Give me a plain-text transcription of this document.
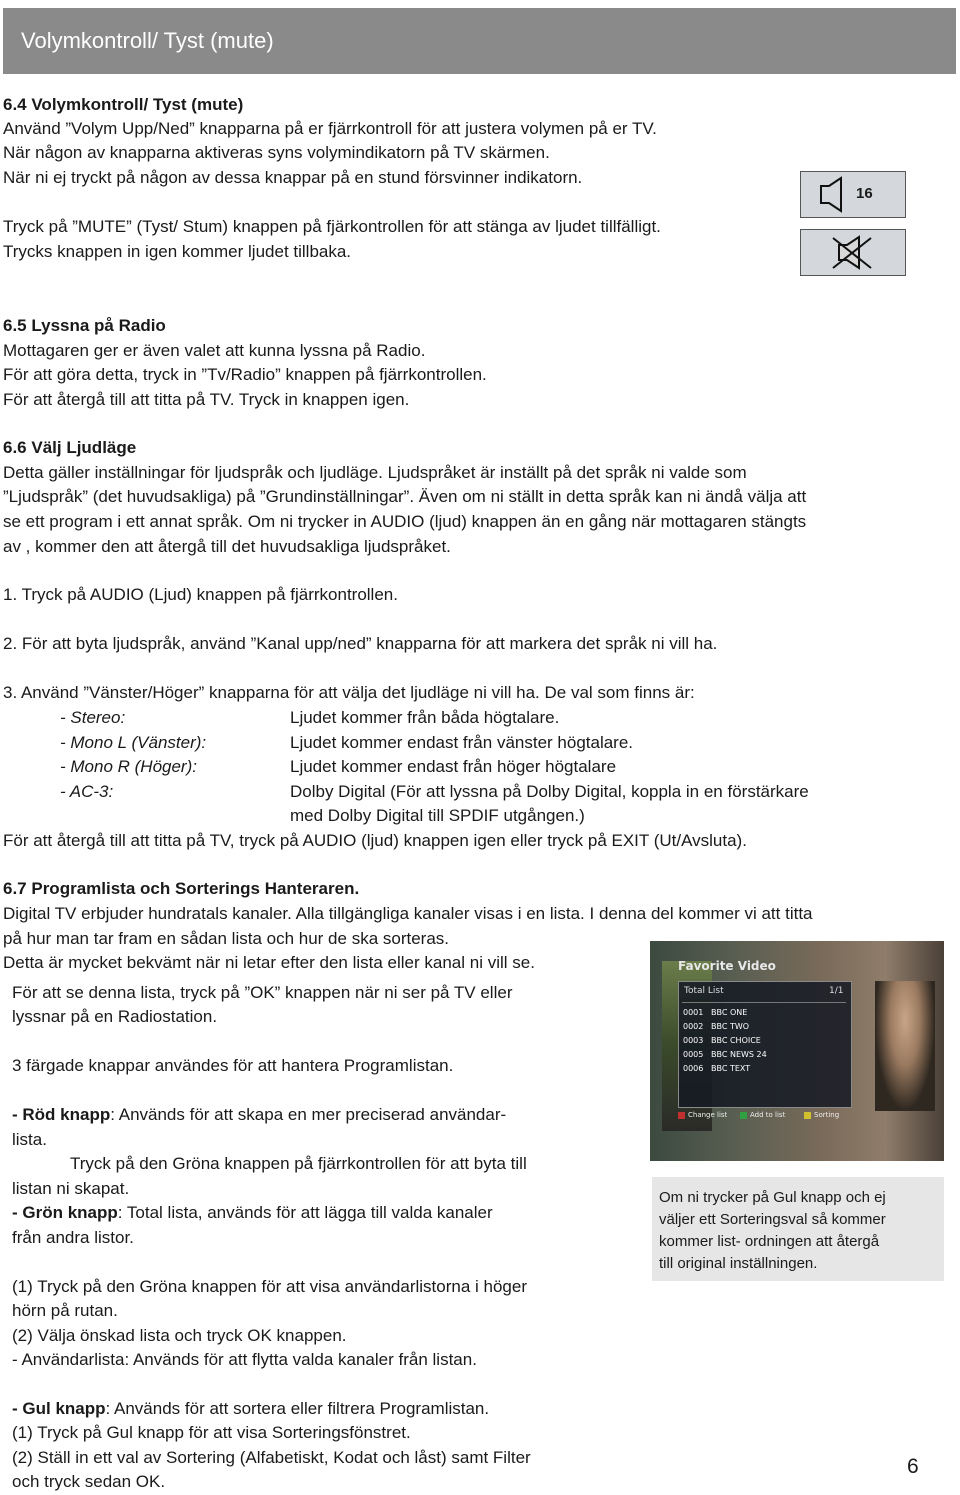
Volymkontroll/ Tyst (mute)
6.4 Volymkontroll/ Tyst (mute)
Använd ”Volym Upp/Ned” knapparna på er fjärrkontroll för att justera volymen på er TV.
När någon av knapparna aktiveras syns volymindikatorn på TV skärmen.
När ni ej tryckt på någon av dessa knappar på en stund försvinner indikatorn.
Tryck på ”MUTE” (Tyst/ Stum) knappen på fjärkontrollen för att stänga av ljudet tillfälligt.
Trycks knappen in igen kommer ljudet tillbaka.
16
6.5 Lyssna på Radio
Mottagaren ger er även valet att kunna lyssna på Radio.
För att göra detta, tryck in ”Tv/Radio” knappen på fjärrkontrollen.
För att återgå till att titta på TV. Tryck in knappen igen.
6.6 Välj Ljudläge
Detta gäller inställningar för ljudspråk och ljudläge. Ljudspråket är inställt på det språk ni valde som
”Ljudspråk” (det huvudsakliga) på ”Grundinställningar”. Även om ni ställt in detta språk kan ni ändå välja att
se ett program i ett annat språk. Om ni trycker in AUDIO (ljud) knappen än en gång när mottagaren stängts
av , kommer den att återgå till det huvudsakliga ljudspråket.
1. Tryck på AUDIO (Ljud) knappen på fjärrkontrollen.
2. För att byta ljudspråk, använd ”Kanal upp/ned” knapparna för att markera det språk ni vill ha.
3. Använd ”Vänster/Höger” knapparna för att välja det ljudläge ni vill ha. De val som finns är:
- Stereo:	Ljudet kommer från båda högtalare.
- Mono L (Vänster):	Ljudet kommer endast från vänster högtalare.
- Mono R (Höger):	Ljudet kommer endast från höger högtalare
- AC-3:	Dolby Digital (För att lyssna på Dolby Digital, koppla in en förstärkare
med Dolby Digital till SPDIF utgången.)
För att återgå till att titta på TV, tryck på AUDIO (ljud) knappen igen eller tryck på EXIT (Ut/Avsluta).
6.7 Programlista och Sorterings Hanteraren.
Digital TV erbjuder hundratals kanaler. Alla tillgängliga kanaler visas i en lista. I denna del kommer vi att titta
på hur man tar fram en sådan lista och hur de ska sorteras.
Detta är mycket bekvämt när ni letar efter den lista eller kanal ni vill se.
För att se denna lista, tryck på ”OK” knappen när ni ser på TV eller
lyssnar på en Radiostation.
3 färgade knappar användes för att hantera Programlistan.
- Röd knapp: Används för att skapa en mer preciserad användar-
lista.
Tryck på den Gröna knappen på fjärrkontrollen för att byta till
listan ni skapat.
- Grön knapp: Total lista, används för att lägga till valda kanaler
från andra listor.
(1) Tryck på den Gröna knappen för att visa användarlistorna i höger
hörn på rutan.
(2) Välja önskad lista och tryck OK knappen.
- Användarlista: Används för att flytta valda kanaler från listan.
- Gul knapp: Används för att sortera eller filtrera Programlistan.
(1) Tryck på Gul knapp för att visa Sorteringsfönstret.
(2) Ställ in ett val av Sortering (Alfabetiskt, Kodat och låst) samt Filter
och tryck sedan OK.
Favorite Video
Total List	1/1
0001 BBC ONE
0002 BBC TWO
0003 BBC CHOICE
0005 BBC NEWS 24
0006 BBC TEXT
Change list	Add to list	Sorting
Om ni trycker på Gul knapp och ej
väljer ett Sorteringsval så kommer
kommer list- ordningen att återgå
till original inställningen.
6
